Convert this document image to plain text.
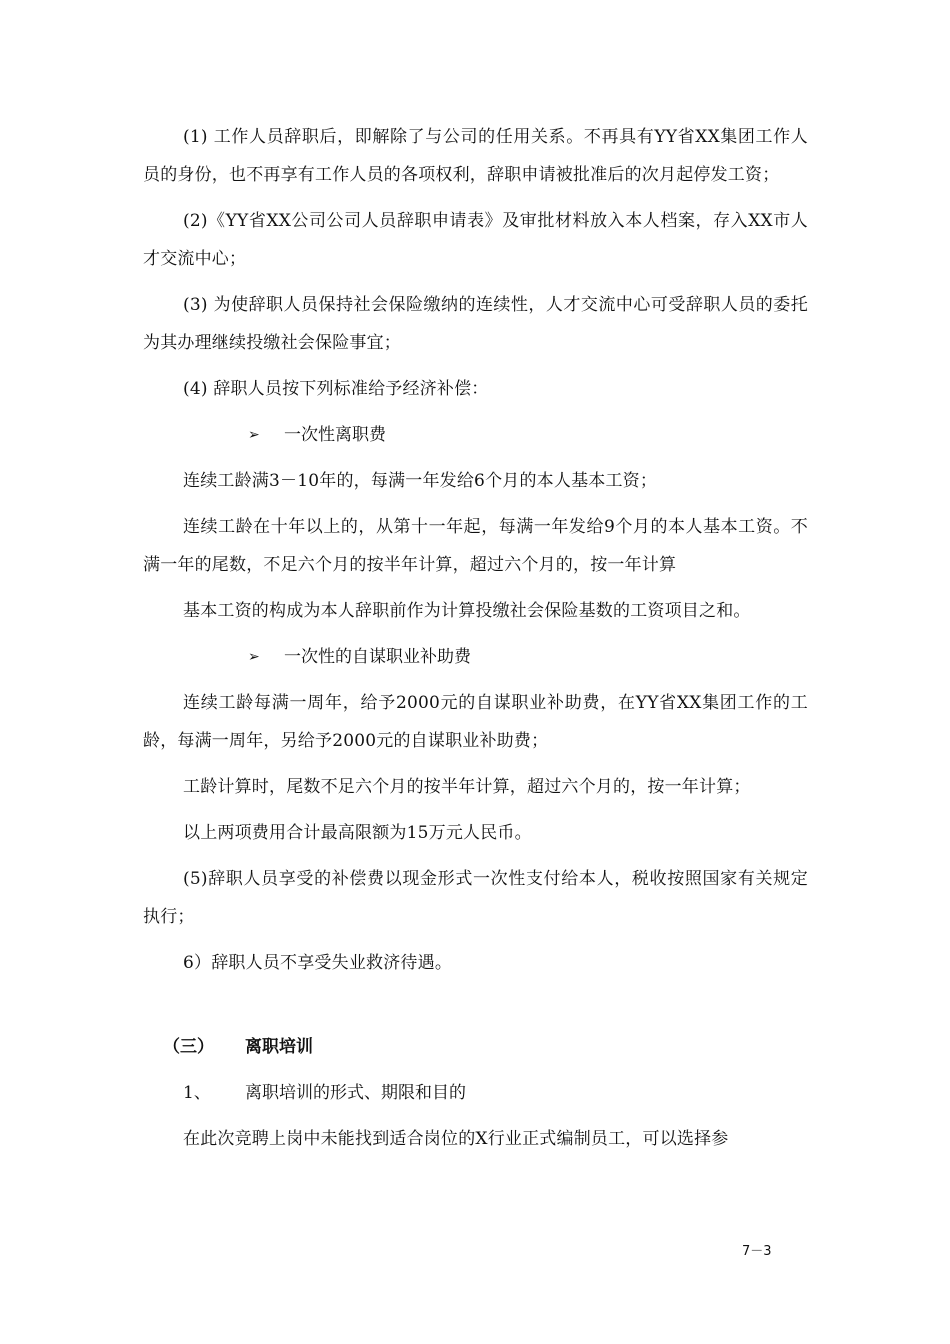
(1) 工作人员辞职后，即解除了与公司的任用关系。不再具有YY省XX集团工作人员的身份，也不再享有工作人员的各项权利，辞职申请被批准后的次月起停发工资；

(2)《YY省XX公司公司人员辞职申请表》及审批材料放入本人档案，存入XX市人才交流中心；

(3) 为使辞职人员保持社会保险缴纳的连续性，人才交流中心可受辞职人员的委托为其办理继续投缴社会保险事宜；

(4) 辞职人员按下列标准给予经济补偿：

➢	一次性离职费

连续工龄满3－10年的，每满一年发给6个月的本人基本工资；

连续工龄在十年以上的，从第十一年起，每满一年发给9个月的本人基本工资。不满一年的尾数，不足六个月的按半年计算，超过六个月的，按一年计算

基本工资的构成为本人辞职前作为计算投缴社会保险基数的工资项目之和。

➢	一次性的自谋职业补助费

连续工龄每满一周年，给予2000元的自谋职业补助费，在YY省XX集团工作的工龄，每满一周年，另给予2000元的自谋职业补助费；

工龄计算时，尾数不足六个月的按半年计算，超过六个月的，按一年计算；

以上两项费用合计最高限额为15万元人民币。

(5)辞职人员享受的补偿费以现金形式一次性支付给本人，税收按照国家有关规定执行；

6）辞职人员不享受失业救济待遇。

（三） 离职培训
1、 离职培训的形式、期限和目的

在此次竞聘上岗中未能找到适合岗位的X行业正式编制员工，可以选择参

7－3
